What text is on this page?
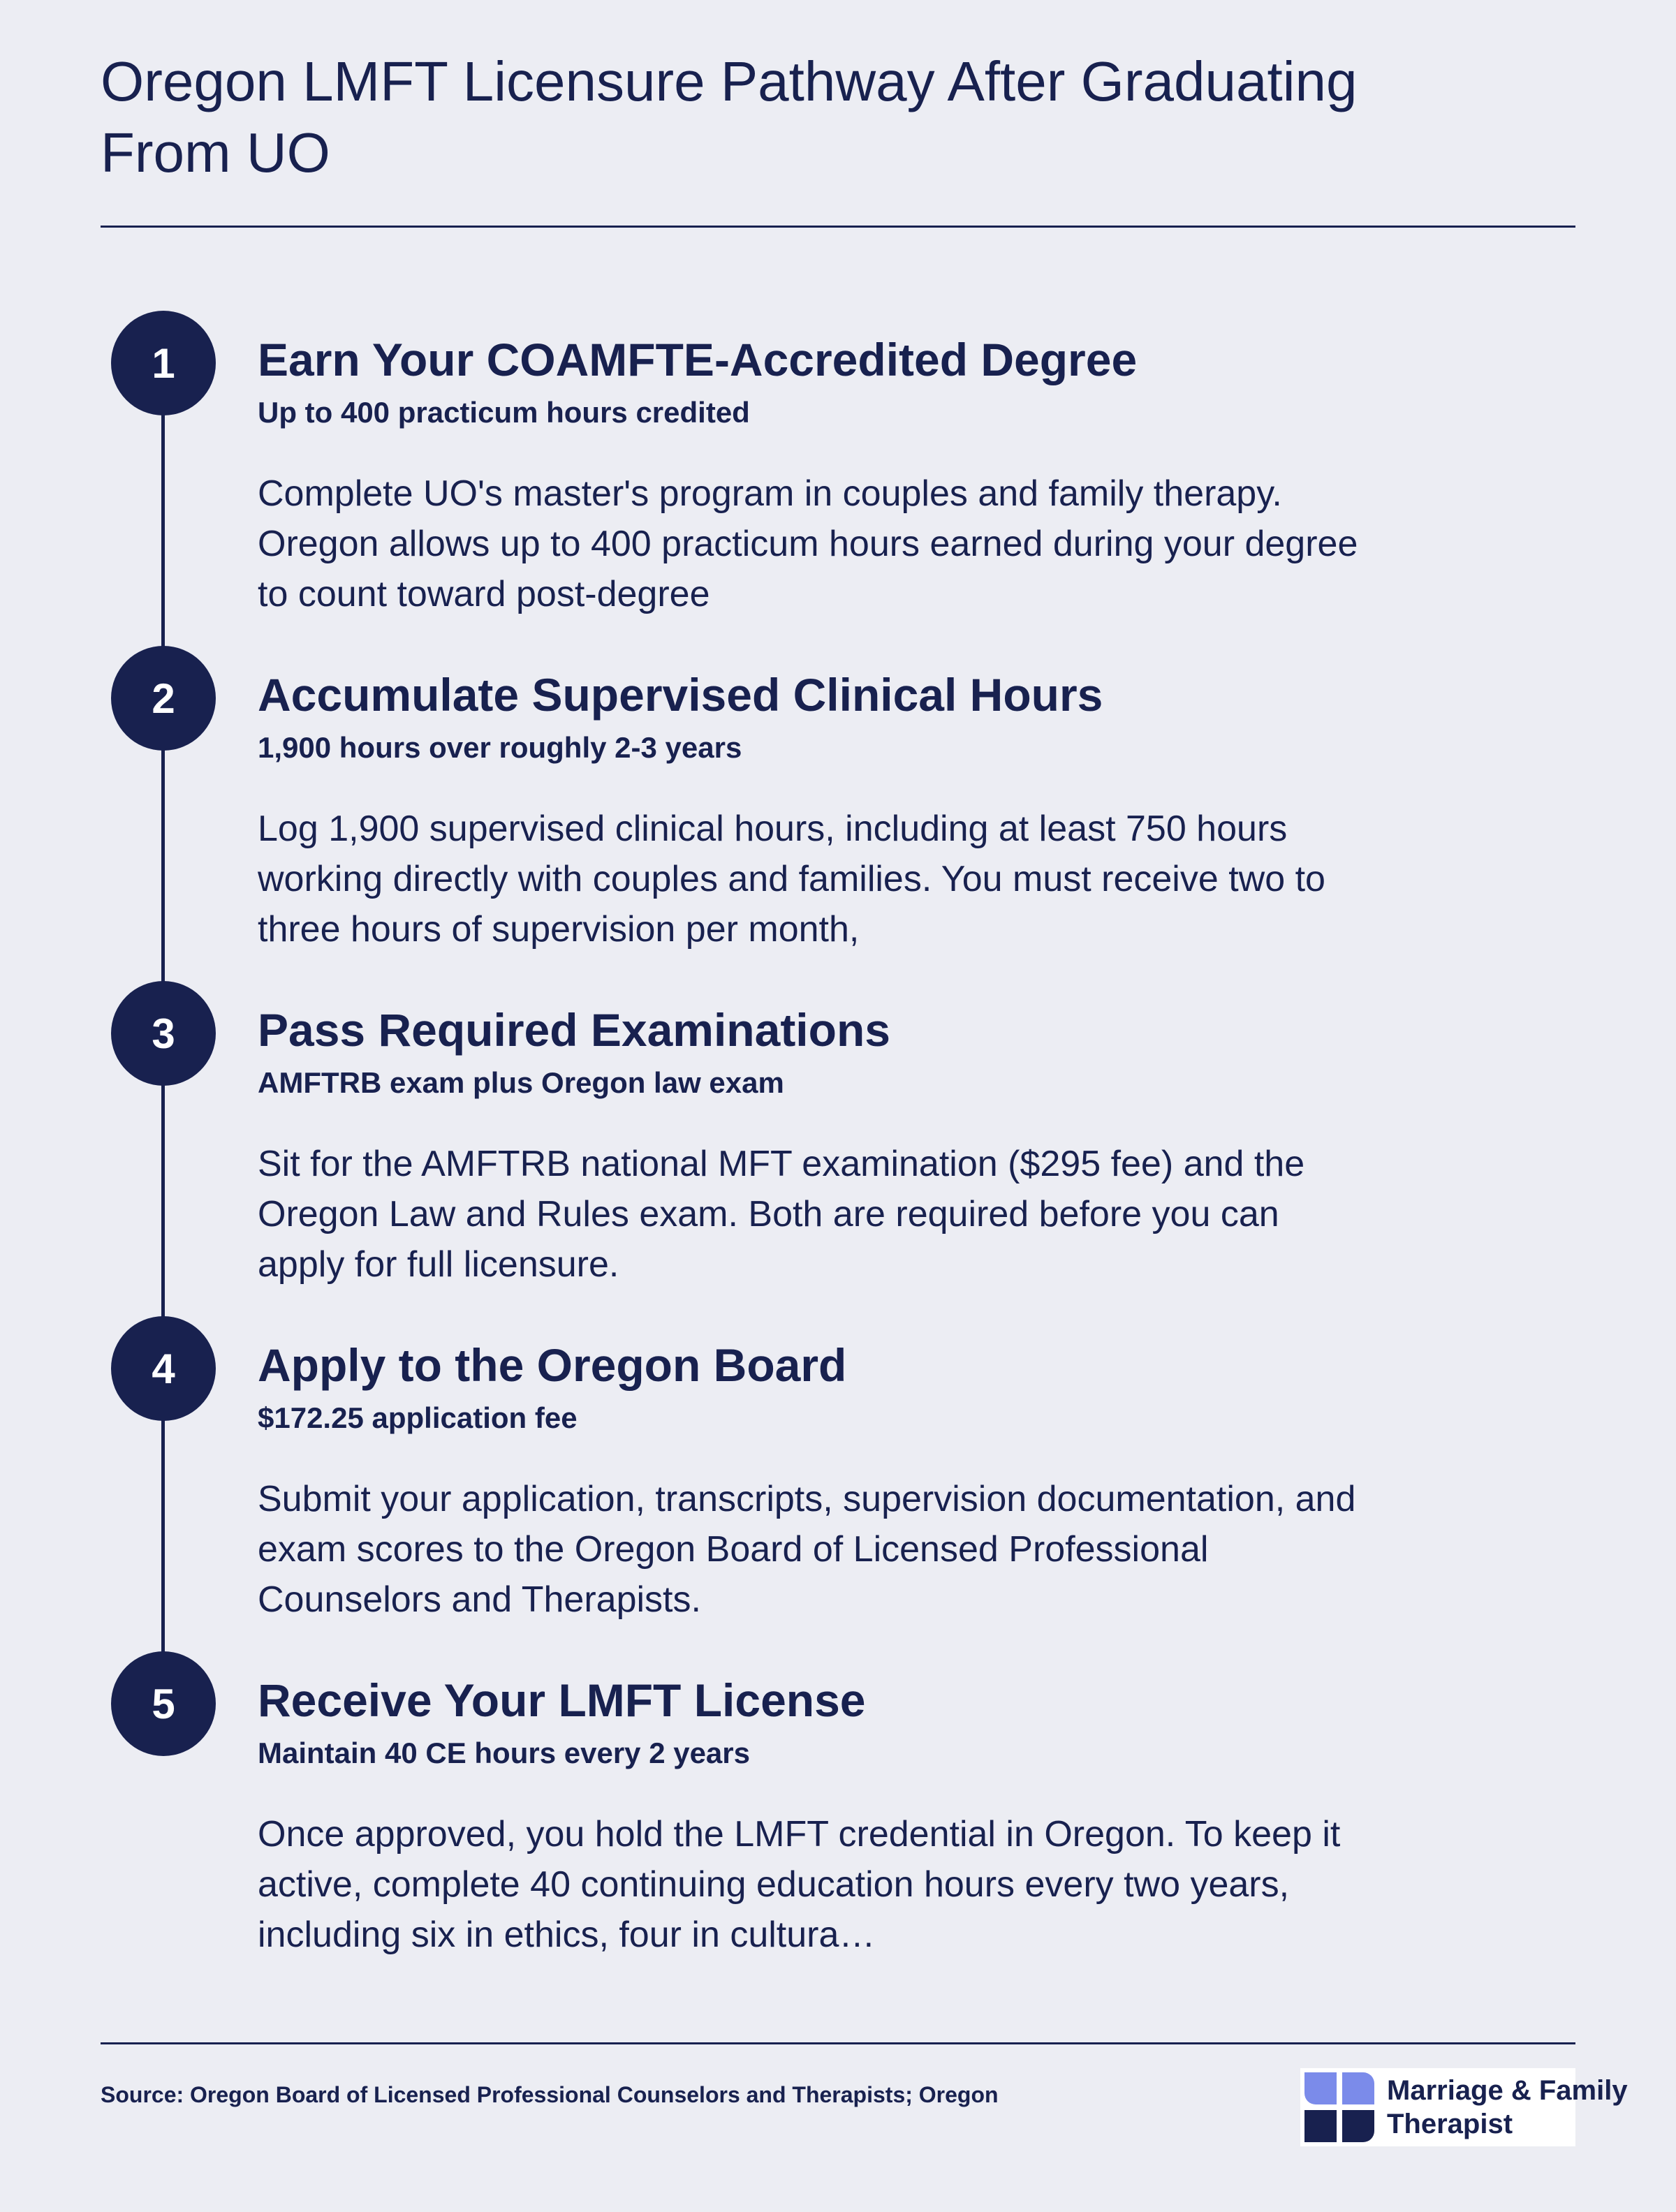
Oregon LMFT Licensure Pathway After Graduating From UO
1	Earn Your COAMFTE-Accredited Degree
Up to 400 practicum hours credited
Complete UO's master's program in couples and family therapy. Oregon allows up to 400 practicum hours earned during your degree to count toward post-degree
2	Accumulate Supervised Clinical Hours
1,900 hours over roughly 2-3 years
Log 1,900 supervised clinical hours, including at least 750 hours working directly with couples and families. You must receive two to three hours of supervision per month,
3	Pass Required Examinations
AMFTRB exam plus Oregon law exam
Sit for the AMFTRB national MFT examination ($295 fee) and the Oregon Law and Rules exam. Both are required before you can apply for full licensure.
4	Apply to the Oregon Board
$172.25 application fee
Submit your application, transcripts, supervision documentation, and exam scores to the Oregon Board of Licensed Professional Counselors and Therapists.
5	Receive Your LMFT License
Maintain 40 CE hours every 2 years
Once approved, you hold the LMFT credential in Oregon. To keep it active, complete 40 continuing education hours every two years, including six in ethics, four in cultura…
Source: Oregon Board of Licensed Professional Counselors and Therapists; Oregon	Marriage & Family
Therapist
